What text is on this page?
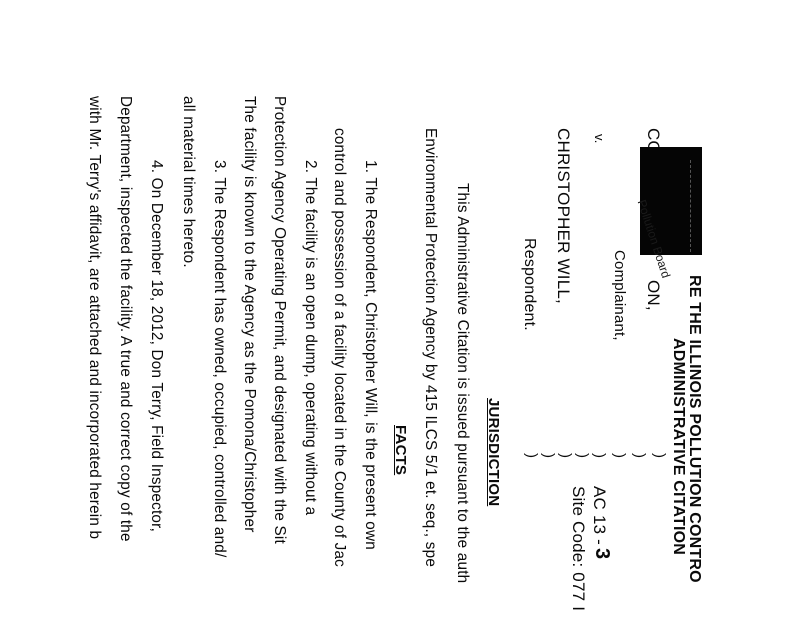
RE THE ILLINOIS POLLUTION CONTRO
ADMINISTRATIVE CITATION
ON,
Complainant,
Pollution Board
v.
CHRISTOPHER WILL,
Respondent.
)
)
)
)
)
)
)
)
AC 13 -
3
Site Code: 077 I
JURISDICTION
This Administrative Citation is issued pursuant to the auth
Environmental Protection Agency by 415 ILCS 5/1 et. seq., spe
FACTS
1. The Respondent, Christopher Will, is the present own
control and possession of a facility located in the County of Jac
2. The facility is an open dump, operating without a
Protection Agency Operating Permit, and designated with the Sit
The facility is known to the Agency as the Pomona/Christopher
3. The Respondent has owned, occupied, controlled and/
all material times hereto.
4. On December 18, 2012, Don Terry, Field Inspector,
Department, inspected the facility. A true and correct copy of the
with Mr. Terry's affidavit, are attached and incorporated herein b
